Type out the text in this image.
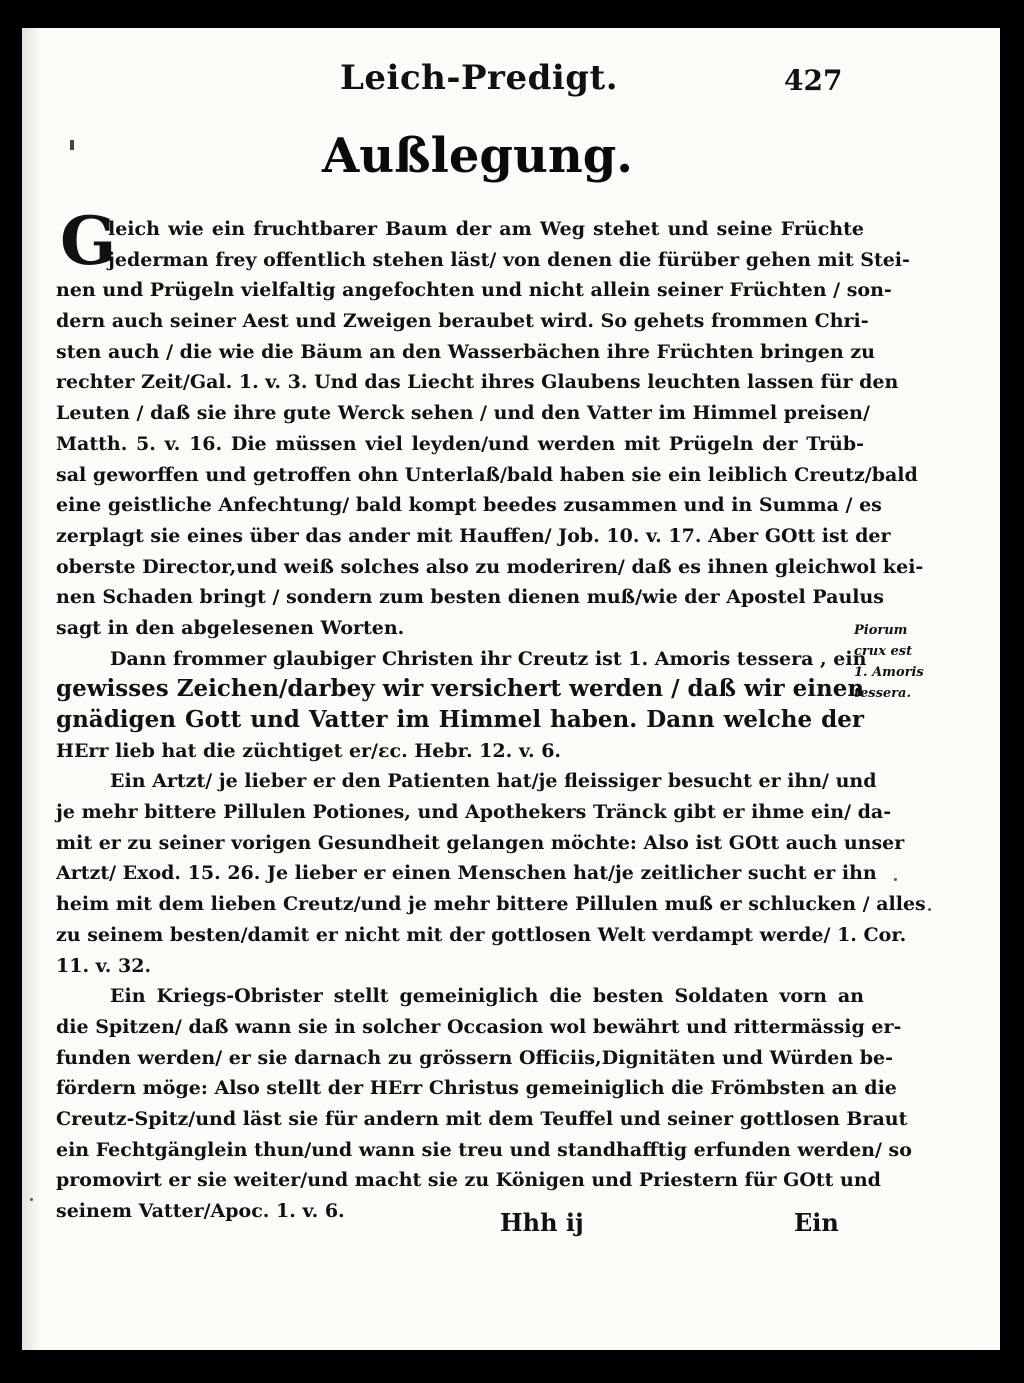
Leich-Predigt.	427
Außlegung.
G
leich wie ein fruchtbarer Baum der am Weg stehet und seine Früchte
jederman frey offentlich stehen läst/ von denen die fürüber gehen mit Stei-
nen und Prügeln vielfaltig angefochten und nicht allein seiner Früchten / son-
dern auch seiner Aest und Zweigen beraubet wird. So gehets frommen Chri-
sten auch / die wie die Bäum an den Wasserbächen ihre Früchten bringen zu
rechter Zeit/Gal. 1. v. 3. Und das Liecht ihres Glaubens leuchten lassen für den
Leuten / daß sie ihre gute Werck sehen / und den Vatter im Himmel preisen/
Matth. 5. v. 16. Die müssen viel leyden/und werden mit Prügeln der Trüb-
sal geworffen und getroffen ohn Unterlaß/bald haben sie ein leiblich Creutz/bald
eine geistliche Anfechtung/ bald kompt beedes zusammen und in Summa / es
zerplagt sie eines über das ander mit Hauffen/ Job. 10. v. 17. Aber GOtt ist der
oberste Director,und weiß solches also zu moderiren/ daß es ihnen gleichwol kei-
nen Schaden bringt / sondern zum besten dienen muß/wie der Apostel Paulus
sagt in den abgelesenen Worten.
Dann frommer glaubiger Christen ihr Creutz ist 1. Amoris tessera , ein
gewisses Zeichen/darbey wir versichert werden / daß wir einen
gnädigen Gott und Vatter im Himmel haben. Dann welche der
HErr lieb hat die züchtiget er/ɛc. Hebr. 12. v. 6.
Ein Artzt/ je lieber er den Patienten hat/je fleissiger besucht er ihn/ und
je mehr bittere Pillulen Potiones, und Apothekers Tränck gibt er ihme ein/ da-
mit er zu seiner vorigen Gesundheit gelangen möchte: Also ist GOtt auch unser
Artzt/ Exod. 15. 26. Je lieber er einen Menschen hat/je zeitlicher sucht er ihn
heim mit dem lieben Creutz/und je mehr bittere Pillulen muß er schlucken / alles
zu seinem besten/damit er nicht mit der gottlosen Welt verdampt werde/ 1. Cor.
11. v. 32.
Ein Kriegs-Obrister stellt gemeiniglich die besten Soldaten vorn an
die Spitzen/ daß wann sie in solcher Occasion wol bewährt und rittermässig er-
funden werden/ er sie darnach zu grössern Officiis,Dignitäten und Würden be-
fördern möge: Also stellt der HErr Christus gemeiniglich die Frömbsten an die
Creutz-Spitz/und läst sie für andern mit dem Teuffel und seiner gottlosen Braut
ein Fechtgänglein thun/und wann sie treu und standhafftig erfunden werden/ so
promovirt er sie weiter/und macht sie zu Königen und Priestern für GOtt und
seinem Vatter/Apoc. 1. v. 6.
Piorum
crux est
1. Amoris
tessera.
Hhh ij	Ein
